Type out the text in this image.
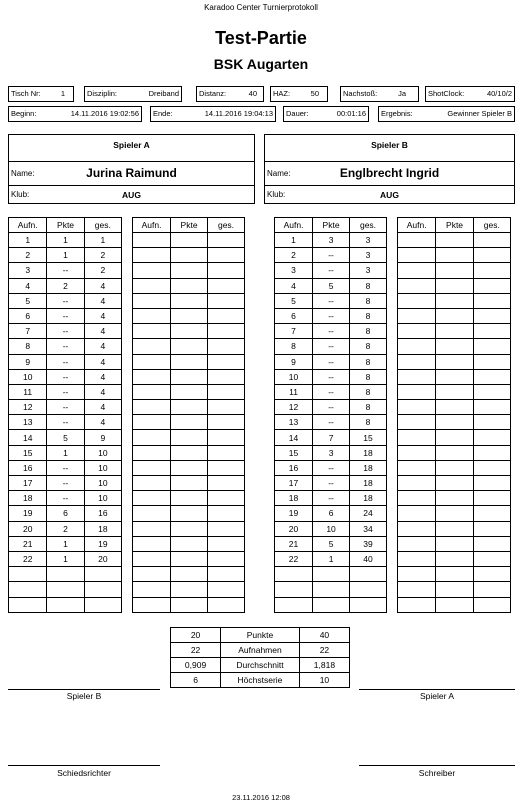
Karadoo Center Turnierprotokoll
Test-Partie
BSK Augarten
Tisch Nr:	1	Disziplin:	Dreiband	Distanz:	40 HAZ:	50	Nachstoß:	Ja	ShotClock:	40/10/2
Beginn:	14.11.2016 19:02:56 Ende:	14.11.2016 19:04:13 Dauer:	00:01:16 Ergebnis:	Gewinner Spieler B
Spieler A
Name:	Jurina Raimund
Klub:	AUG
Spieler B
Name:	Englbrecht Ingrid
Klub:	AUG
Aufn.	Pkte	ges.
1	1	1
2	1	2
3	--	2
4	2	4
5	--	4
6	--	4
7	--	4
8	--	4
9	--	4
10	--	4
11	--	4
12	--	4
13	--	4
14	5	9
15	1	10
16	--	10
17	--	10
18	--	10
19	6	16
20	2	18
21	1	19
22	1	20

Aufn.	Pkte	ges.

			Aufn.	Pkte	ges.
1	3	3
2	--	3
3	--	3
4	5	8
5	--	8
6	--	8
7	--	8
8	--	8
9	--	8
10	--	8
11	--	8
12	--	8
13	--	8
14	7	15
15	3	18
16	--	18
17	--	18
18	--	18
19	6	24
20	10	34
21	5	39
22	1	40

Aufn.	Pkte	ges.

20	Punkte	40
22	Aufnahmen	22
0,909	Durchschnitt	1,818
6	Höchstserie	10
Spieler B	Spieler A
Schiedsrichter	Schreiber
23.11.2016 12:08
